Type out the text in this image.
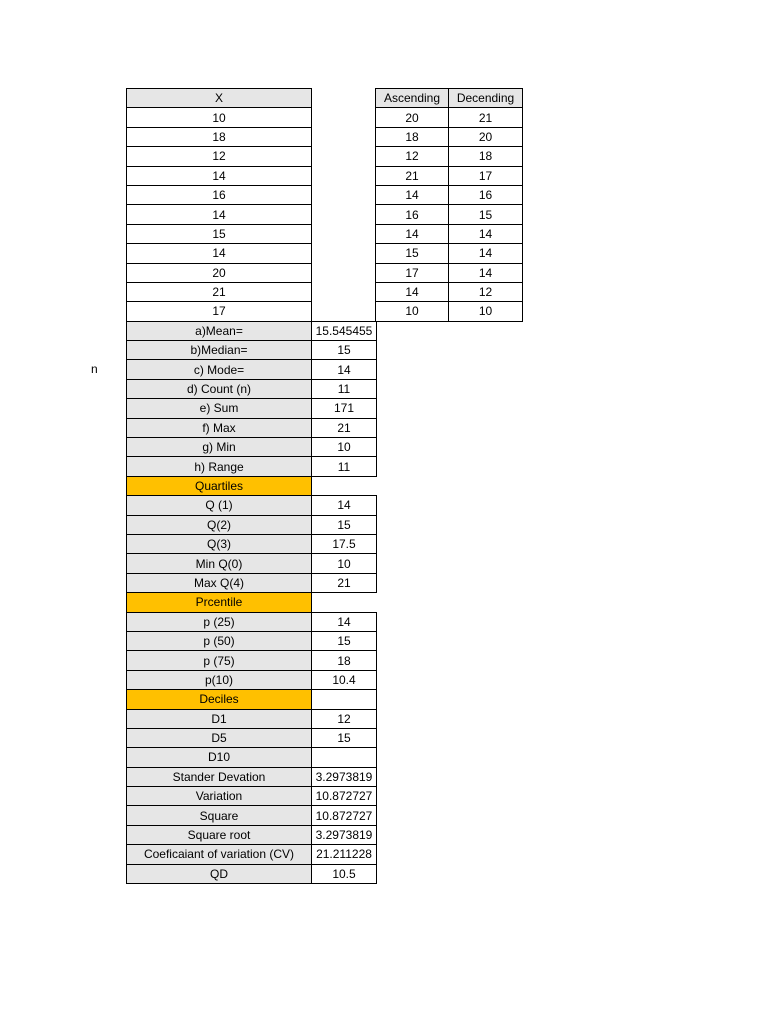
n
X	
10	
18	
12	
14	
16	
14	
15	
14	
20	
21	
17	
a)Mean=	15.545455
b)Median=	15
c) Mode=	14
d) Count (n)	11
e) Sum	171
f) Max	21
g) Min	10
h) Range	11
Quartiles	
Q (1)	14
Q(2)	15
Q(3)	17.5
Min Q(0)	10
Max Q(4)	21
Prcentile	
p (25)	14
p (50)	15
p (75)	18
p(10)	10.4
Deciles	
D1	12
D5	15
D10	
Stander Devation	3.2973819
Variation	10.872727
Square	10.872727
Square root	3.2973819
Coeficaiant of variation (CV)	21.211228
QD	10.5
Ascending	Decending
20	21
18	20
12	18
21	17
14	16
16	15
14	14
15	14
17	14
14	12
10	10
